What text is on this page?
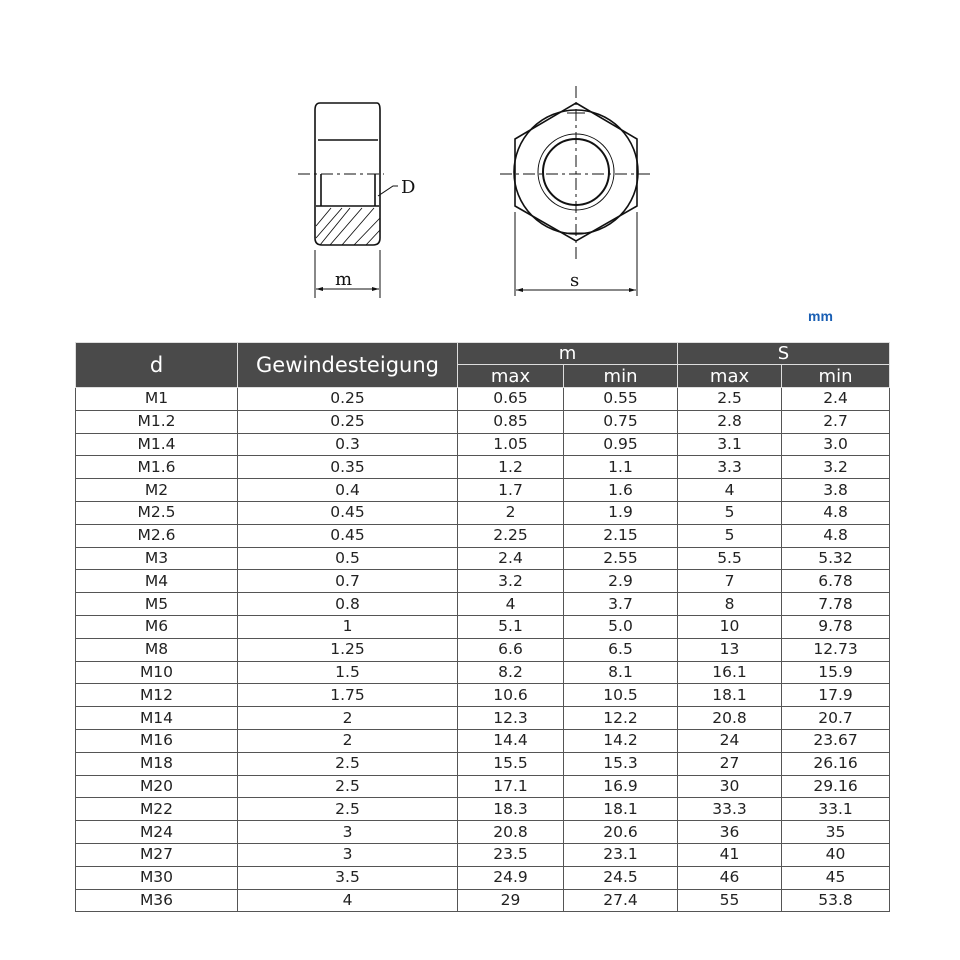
D
m	s
mm
d	Gewindesteigung	m		S	
		max	min	max	min
M1	0.25	0.65	0.55	2.5	2.4
M1.2	0.25	0.85	0.75	2.8	2.7
M1.4	0.3	1.05	0.95	3.1	3.0
M1.6	0.35	1.2	1.1	3.3	3.2
M2	0.4	1.7	1.6	4	3.8
M2.5	0.45	2	1.9	5	4.8
M2.6	0.45	2.25	2.15	5	4.8
M3	0.5	2.4	2.55	5.5	5.32
M4	0.7	3.2	2.9	7	6.78
M5	0.8	4	3.7	8	7.78
M6	1	5.1	5.0	10	9.78
M8	1.25	6.6	6.5	13	12.73
M10	1.5	8.2	8.1	16.1	15.9
M12	1.75	10.6	10.5	18.1	17.9
M14	2	12.3	12.2	20.8	20.7
M16	2	14.4	14.2	24	23.67
M18	2.5	15.5	15.3	27	26.16
M20	2.5	17.1	16.9	30	29.16
M22	2.5	18.3	18.1	33.3	33.1
M24	3	20.8	20.6	36	35
M27	3	23.5	23.1	41	40
M30	3.5	24.9	24.5	46	45
M36	4	29	27.4	55	53.8
